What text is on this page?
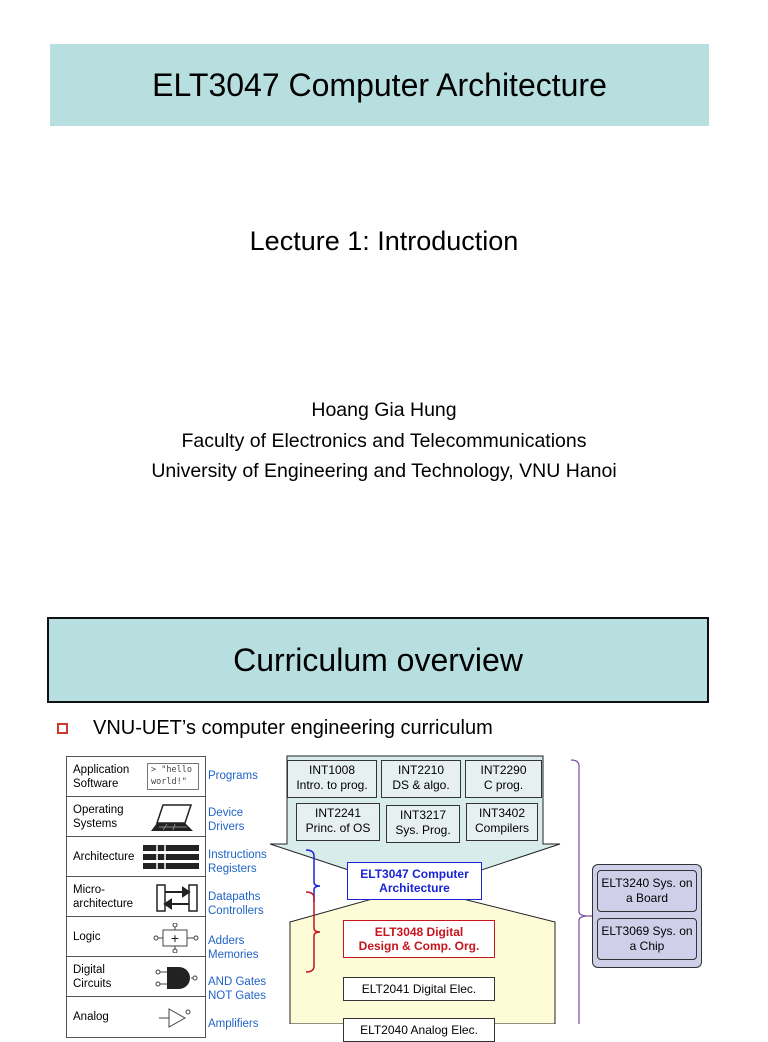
ELT3047 Computer Architecture
Lecture 1: Introduction
Hoang Gia Hung
Faculty of Electronics and Telecommunications
University of Engineering and Technology, VNU Hanoi
Curriculum overview
VNU-UET’s computer engineering curriculum
Application Software
> "hello world!"
Operating Systems
Architecture
Micro-architecture
Logic	+
Digital Circuits
Analog
Programs
Device Drivers
Instructions Registers
Datapaths Controllers
Adders Memories
AND Gates NOT Gates
Amplifiers
INT1008
Intro. to prog.
INT2210
DS & algo.
INT2290
C prog.
INT2241
Princ. of OS
INT3217
Sys. Prog.
INT3402
Compilers
ELT3047 Computer Architecture
ELT3048 Digital Design & Comp. Org.
ELT2041 Digital Elec.
ELT2040 Analog Elec.
ELT3240 Sys. on a Board
ELT3069 Sys. on a Chip
